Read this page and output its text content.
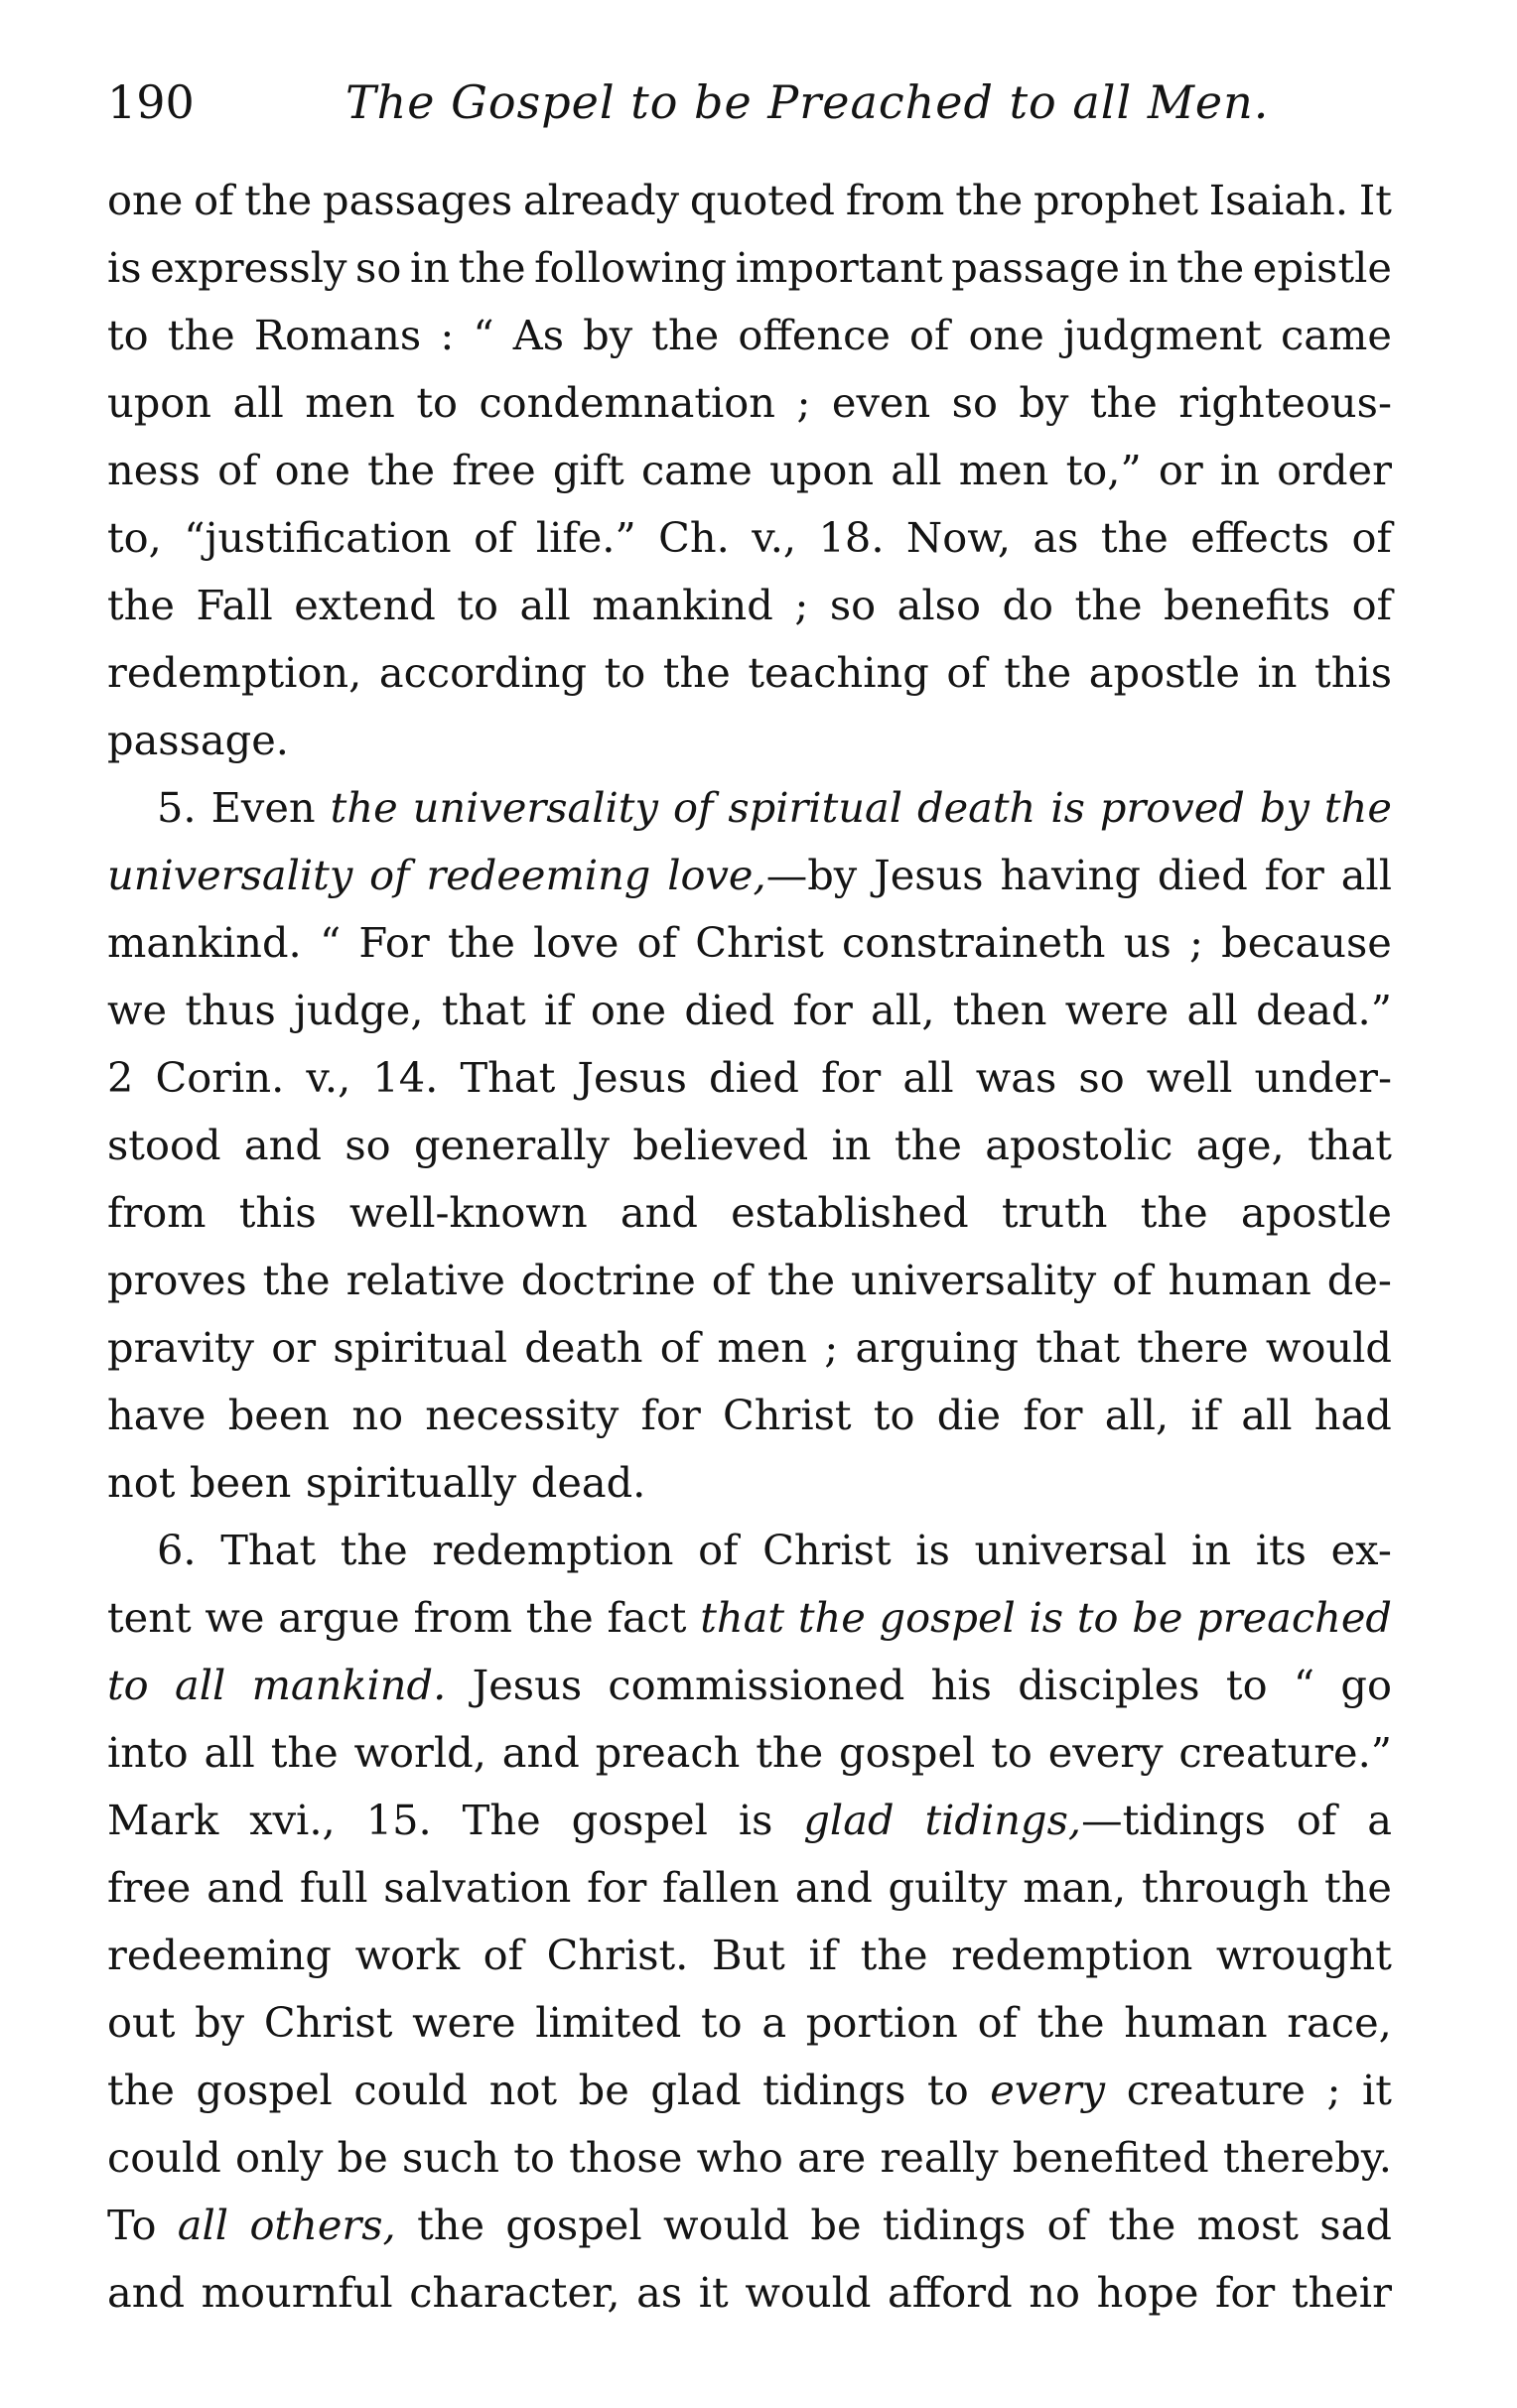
190	The Gospel to be Preached to all Men.
one of the passages already quoted from the prophet Isaiah. It
is expressly so in the following important passage in the epistle
to the Romans : “ As by the offence of one judgment came
upon all men to condemnation ; even so by the righteous-
ness of one the free gift came upon all men to,” or in order
to, “justification of life.” Ch. v., 18. Now, as the effects of
the Fall extend to all mankind ; so also do the benefits of
redemption, according to the teaching of the apostle in this
passage.
5. Even the universality of spiritual death is proved by the
universality of redeeming love,—by Jesus having died for all
mankind. “ For the love of Christ constraineth us ; because
we thus judge, that if one died for all, then were all dead.”
2 Corin. v., 14. That Jesus died for all was so well under-
stood and so generally believed in the apostolic age, that
from this well-known and established truth the apostle
proves the relative doctrine of the universality of human de-
pravity or spiritual death of men ; arguing that there would
have been no necessity for Christ to die for all, if all had
not been spiritually dead.
6. That the redemption of Christ is universal in its ex-
tent we argue from the fact that the gospel is to be preached
to all mankind. Jesus commissioned his disciples to “ go
into all the world, and preach the gospel to every creature.”
Mark xvi., 15. The gospel is glad tidings,—tidings of a
free and full salvation for fallen and guilty man, through the
redeeming work of Christ. But if the redemption wrought
out by Christ were limited to a portion of the human race,
the gospel could not be glad tidings to every creature ; it
could only be such to those who are really benefited thereby.
To all others, the gospel would be tidings of the most sad
and mournful character, as it would afford no hope for their
